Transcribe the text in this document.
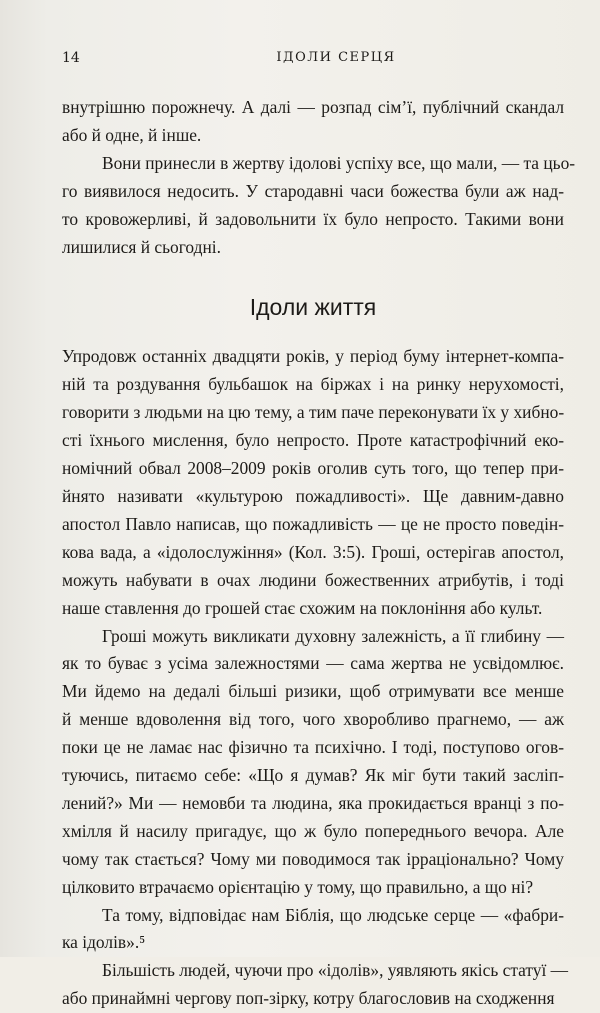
14	ІДОЛИ СЕРЦЯ
внутрішню порожнечу. А далі — розпад сім’ї, публічний скандал
або й одне, й інше.
Вони принесли в жертву ідолові успіху все, що мали, — та цьо-
го виявилося недосить. У стародавні часи божества були аж над-
то кровожерливі, й задовольнити їх було непросто. Такими вони
лишилися й сьогодні.
Ідоли життя
Упродовж останніх двадцяти років, у період буму інтернет-компа-
ній та роздування бульбашок на біржах і на ринку нерухомості,
говорити з людьми на цю тему, а тим паче переконувати їх у хибно-
сті їхнього мислення, було непросто. Проте катастрофічний еко-
номічний обвал 2008–2009 років оголив суть того, що тепер при-
йнято називати «культурою пожадливості». Ще давним-давно
апостол Павло написав, що пожадливість — це не просто поведін-
кова вада, а «ідолослужіння» (Кол. 3:5). Гроші, остерігав апостол,
можуть набувати в очах людини божественних атрибутів, і тоді
наше ставлення до грошей стає схожим на поклоніння або культ.
Гроші можуть викликати духовну залежність, а її глибину —
як то буває з усіма залежностями — сама жертва не усвідомлює.
Ми йдемо на дедалі більші ризики, щоб отримувати все менше
й менше вдоволення від того, чого хворобливо прагнемо, — аж
поки це не ламає нас фізично та психічно. І тоді, поступово огов-
туючись, питаємо себе: «Що я думав? Як міг бути такий засліп-
лений?» Ми — немовби та людина, яка прокидається вранці з по-
хмілля й насилу пригадує, що ж було попереднього вечора. Але
чому так стається? Чому ми поводимося так ірраціонально? Чому
цілковито втрачаємо орієнтацію у тому, що правильно, а що ні?
Та тому, відповідає нам Біблія, що людське серце — «фабри-
ка ідолів».⁵
Більшість людей, чуючи про «ідолів», уявляють якісь статуї —
або принаймні чергову поп-зірку, котру благословив на сходження
